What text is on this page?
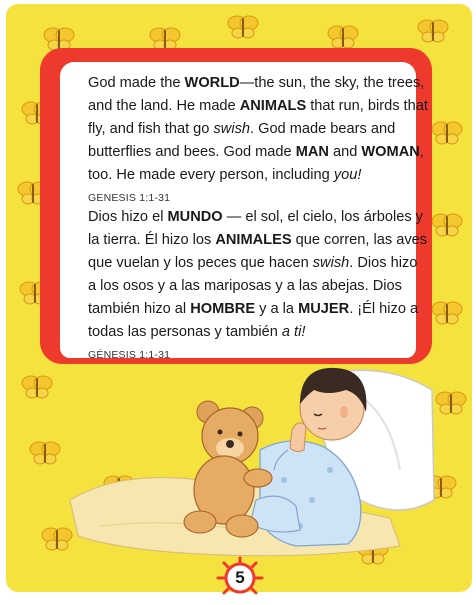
God made the WORLD—the sun, the sky, the trees, and the land. He made ANIMALS that run, birds that fly, and fish that go swish. God made bears and butterflies and bees. God made MAN and WOMAN, too. He made every person, including you!

GENESIS 1:1-31

Dios hizo el MUNDO — el sol, el cielo, los árboles y la tierra. Él hizo los ANIMALES que corren, las aves que vuelan y los peces que hacen swish. Dios hizo a los osos y a las mariposas y a las abejas. Dios también hizo al HOMBRE y a la MUJER. ¡Él hizo a todas las personas y también a ti!

GÉNESIS 1:1-31
5
